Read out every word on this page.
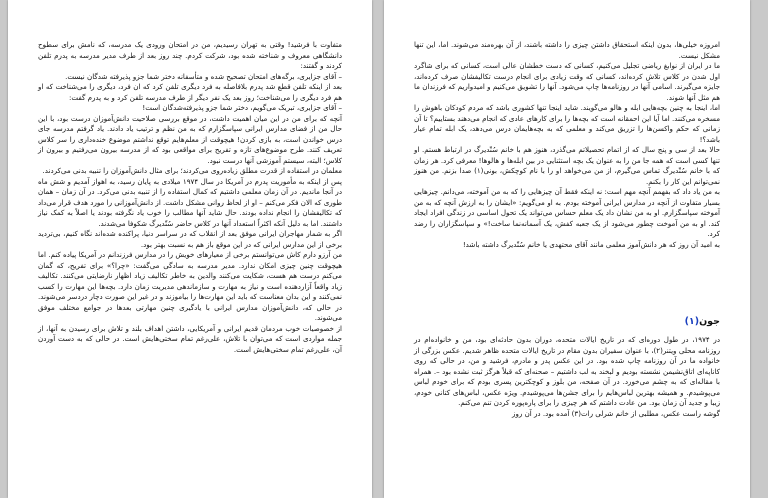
متفاوت با فرشید! وقتی به تهران رسیدیم، من در امتحان ورودی یک مدرسه، که نامش برای سطوح دانشگاهی معروف و شناخته شده بود، شرکت کردم. چند روز بعد از طرف مدیر مدرسه به پدرم تلفن کردند و گفتند:

– آقای جزایری، برگه‌های امتحان تصحیح شده و متأسفانه دختر شما جزو پذیرفته شدگان نیست.

بعد از اینکه تلفن قطع شد پدرم بلافاصله به فرد دیگری تلفن کرد که ان فرد، دیگری را می‌شناخت که او هم فرد دیگری را می‌شناخت؛ روز بعد یک نفر دیگر از طرف مدرسه تلفن کرد و به پدرم گفت:

– آقای جزایری، تبریک می‌گویم، دختر شما جزو پذیرفته‌شدگان است!

آنچه که برای من در این میان اهمیت داشت، در موقع بررسی صلاحیت دانش‌آموزان درست بود، با این حال من از فضای مدارس ایرانی سپاسگزارم که به من نظم و ترتیب یاد دادند. یاد گرفتم مدرسه جای درس خواندن است، به بازی کردن! هیچوقت از معلم‌هایم توقع نداشتم موضوع خنده‌داری را سر کلاس تعریف کنند. طرح موضوع‌های تازه و تفریح برای مواقعی بود که از مدرسه بیرون می‌رفتیم و بیرون از کلاس؛ البته، سیستم آموزشی آنها درست نبود.

معلمان در استفاده از قدرت مطلق زیاده‌روی می‌کردند؛ برای مثال دانش‌آموزان را تنبیه بدنی می‌کردند.

پس از اینکه به مأموریت پدرم در آمریکا در سال ۱۹۷۴ میلادی به پایان رسید، به اهواز آمدیم و شش ماه در آنجا ماندیم. در آن زمان معلمی داشتیم که کمال استفاده را از تنبیه بدنی می‌کرد. در آن زمان – همان طوری که الان فکر می‌کنم – او از لحاظ روانی مشکل داشت. از دانش‌آموزانی را مورد هدف قرار می‌داد که تکالیفشان را انجام نداده بودند. حال شاید آنها مطالب را خوب یاد نگرفته بودند یا اصلاً به کمک نیاز داشتند. اما به دلیل آنکه اکثراً استعداد آنها در کلاس حاضر سُتّدیرگ شکوفا می‌شدند.

اگر به شمار مهاجران ایرانی موفق بعد از انقلاب که در سراسر دنیا، پراکنده شده‌اند نگاه کنیم، بی‌تردید برخی از این مدارس ایرانی که در این موقع باز هم به نسبت بهتر بود.

من آرزو دارم کاش می‌توانستم برخی از معیارهای خویش را در مدارس فرزندانم در آمریکا پیاده کنم. اما هیچوقت چنین چیزی امکان ندارد. مدیر مدرسه به سادگی می‌گفت: «چرا؟» برای تفریح، که گمان می‌کنم درست هم هست، شکایت می‌کنند والدین به خاطر تکالیف زیاد اظهار نارضایتی می‌کنند. تکالیف زیاد واقعاً آزاردهنده است و نیاز به مهارت و سازماندهی مدیریت زمان دارد. بچه‌ها این مهارت را کسب نمی‌کنند و این بدان معناست که باید این مهارت‌ها را بیاموزند و در غیر این صورت دچار دردسر می‌شوند. در حالی که، دانش‌آموزان مدارس ایرانی با یادگیری چنین مهارتی بعدها در جوامع مختلف موفق می‌شوند.

از خصوصیات خوب مردمان قدیم ایرانی و آمریکایی، داشتن اهداف بلند و تلاش برای رسیدن به آنها، از جمله مواردی است که می‌توان با تلاش، علی‌رغم تمام سختی‌هایش است. در حالی که به دست آوردن آن، علی‌رغم تمام سختی‌هایش است.

امروزه خیلی‌ها، بدون اینکه استحقاق داشتن چیزی را داشته باشند، از آن بهره‌مند می‌شوند. اما، این تنها مشکل نیست.

ما در ایران از نوابغ ریاضی تجلیل می‌کنیم، کسانی که دست خطشان عالی است، کسانی که برای شاگرد اول شدن در کلاس تلاش کرده‌اند، کسانی که وقت زیادی برای انجام درست تکالیفشان صرف کرده‌اند، جایزه می‌گیرند. اسامی آنها در روزنامه‌ها چاپ می‌شود. آنها را تشویق می‌کنیم و امیدواریم که فرزندان ما هم مثل آنها شوند.

اما، اینجا به چنین بچه‌هایی ابله و هالو می‌گویند. شاید اینجا تنها کشوری باشد که مردم کودکان باهوش را مسخره می‌کنند. اما آیا این احمقانه است که بچه‌ها را برای کارهای عادی که انجام می‌دهند بستاییم؟ تا آن زمانی که حکم واکسن‌ها را تزریق می‌کند و معلمی که به بچه‌هایمان درس می‌دهد، یک ابله تمام عیار باشد؟!

حالا بعد از سی و پنج سال که از اتمام تحصیلاتم می‌گذرد، هنوز هم با خانم سُتّدیرگ در ارتباط هستم. او تنها کسی است که همه جا من را به عنوان یک بچه استثنایی در بین ابله‌ها و هالوها! معرفی کرد. هر زمان که با خانم سُتّدیرگ تماس می‌گیرم، از من می‌خواهد او را با نام کوچکش، بونی(۱) صدا بزنم. من هنوز نمی‌توانم این کار را بکنم.

به من یاد داد که بفهمم آنچه مهم است: نه اینکه فقط آن چیزهایی را که به من آموخته، می‌دانم. چیزهایی بسیار متفاوت از آنچه در مدارس ایرانی آموخته بودم. به او می‌گویم: «ایشان را به ارزش آنچه که به من آموخته سپاسگزارم. او به من نشان داد یک معلم حساس می‌تواند یک تحول اساسی در زندگی افراد ایجاد کند. او به من آموخت چطور می‌شود از یک جعبه کفش، یک آسمانه‌نما ساخت!» و سپاسگزاران را رضد کرد.

به امید آن روز که هر دانش‌آموز معلمی مانند آقای محتهدی یا خانم سُتّدیرگ داشته باشد!

جون(۱)

در ۱۹۷۴، در طول دوره‌ای که در تاریخ ایالات متحده، دوران بدون حادثه‌ای بود، من و خانواده‌ام در روزنامه محلی ویتنر(۲)، با عنوان سفیران بدون مقام در تاریخ ایالات متحده ظاهر شدیم. عکس بزرگی از خانواده ما در آن روزنامه چاپ شده بود. در این عکس پدر و مادرم، فرشید و من، در حالی که روی کاناپه‌ای اتاق‌نشیمن نشسته بودیم و لبخند به لب داشتیم – صحنه‌ای که قبلاً هرگز ثبت نشده بود –. همراه با مقاله‌ای که به چشم می‌خورد. در آن صفحه، من بلوز و کوچکترین پسری بودم که برای خودم لباس می‌پوشیدم. و همیشه بهترین لباس‌هایم را برای جشن‌ها می‌پوشیدم. ویژه عکس، لباس‌های کتانی خودم، زیبا و جدید آن زمان بود. من عادت داشتم که هر چیزی را برای پاره‌پوره کردن تنم می‌کنم.

گوشه راست عکس، مطلبی از خانم شرلی رات(۳) آمده بود. در آن روز
